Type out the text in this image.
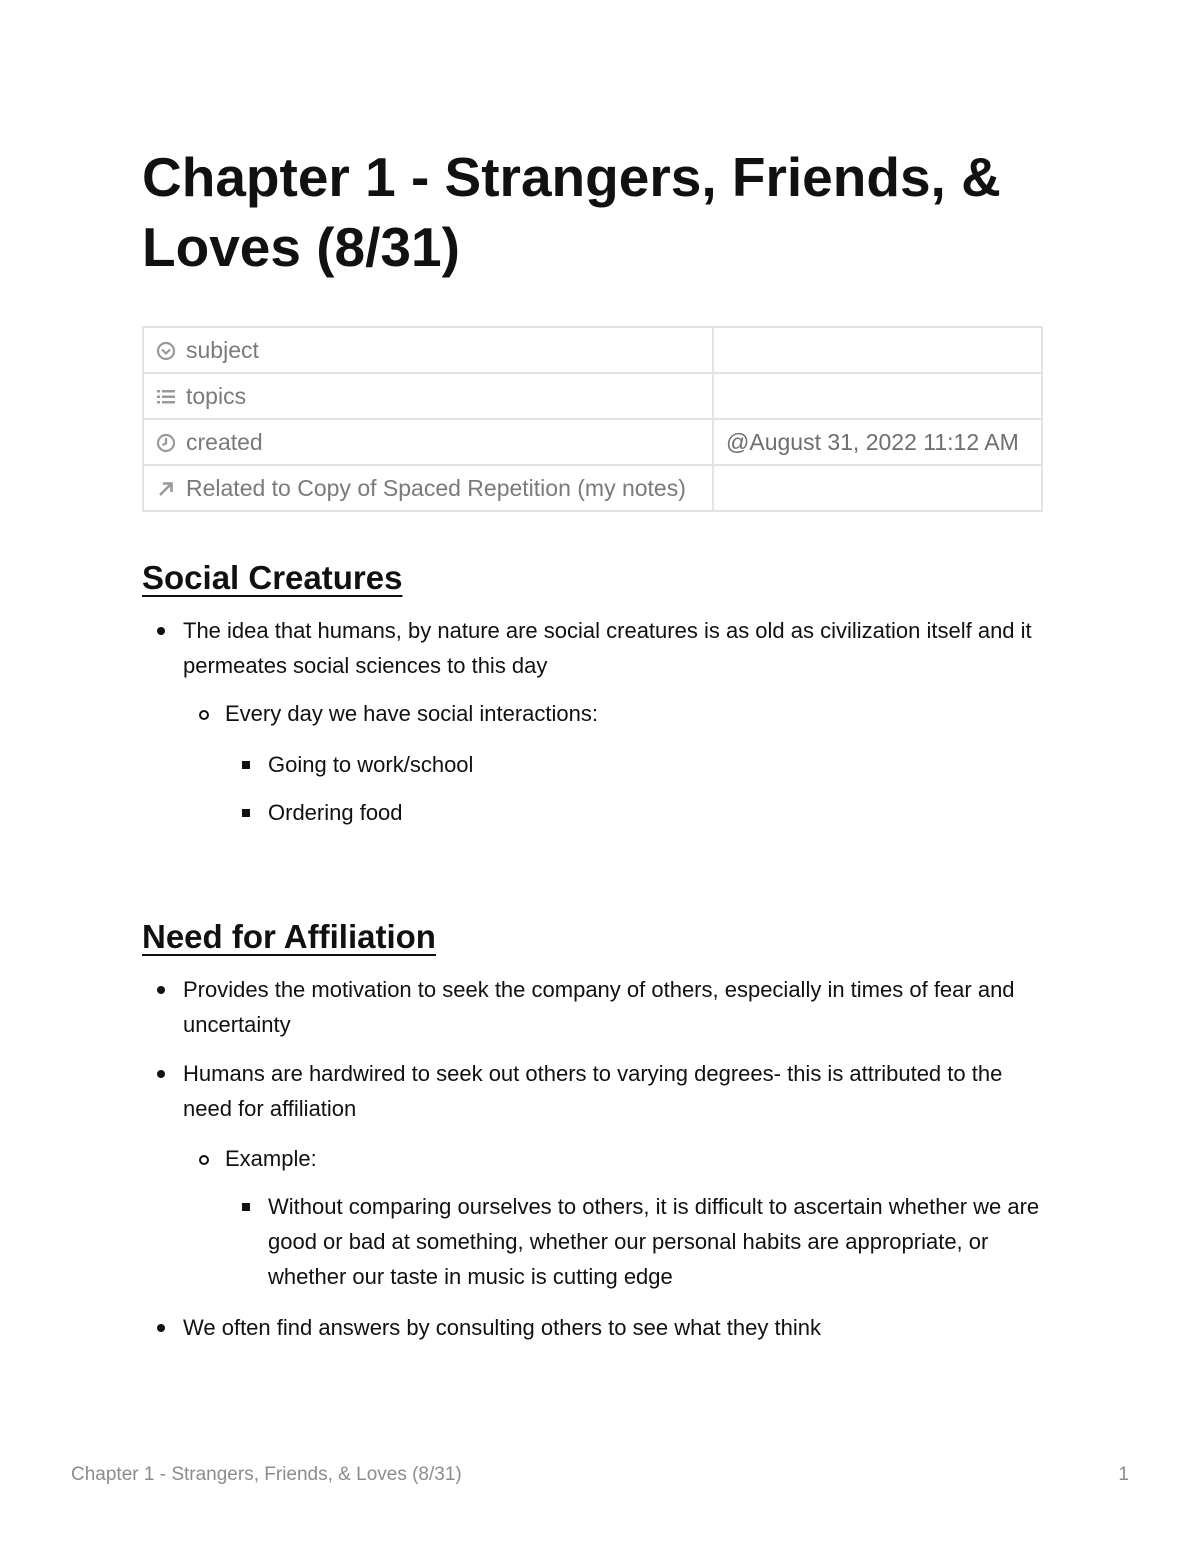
Chapter 1 - Strangers, Friends, & Loves (8/31)
subject	

topics	

created	@August 31, 2022 11:12 AM

Related to Copy of Spaced Repetition (my notes)	
Social Creatures
The idea that humans, by nature are social creatures is as old as civilization itself and it permeates social sciences to this day
Every day we have social interactions:
Going to work/school
Ordering food
Need for Affiliation
Provides the motivation to seek the company of others, especially in times of fear and uncertainty
Humans are hardwired to seek out others to varying degrees- this is attributed to the need for affiliation
Example:
Without comparing ourselves to others, it is difficult to ascertain whether we are good or bad at something, whether our personal habits are appropriate, or whether our taste in music is cutting edge
We often find answers by consulting others to see what they think
Chapter 1 - Strangers, Friends, & Loves (8/31)	1
